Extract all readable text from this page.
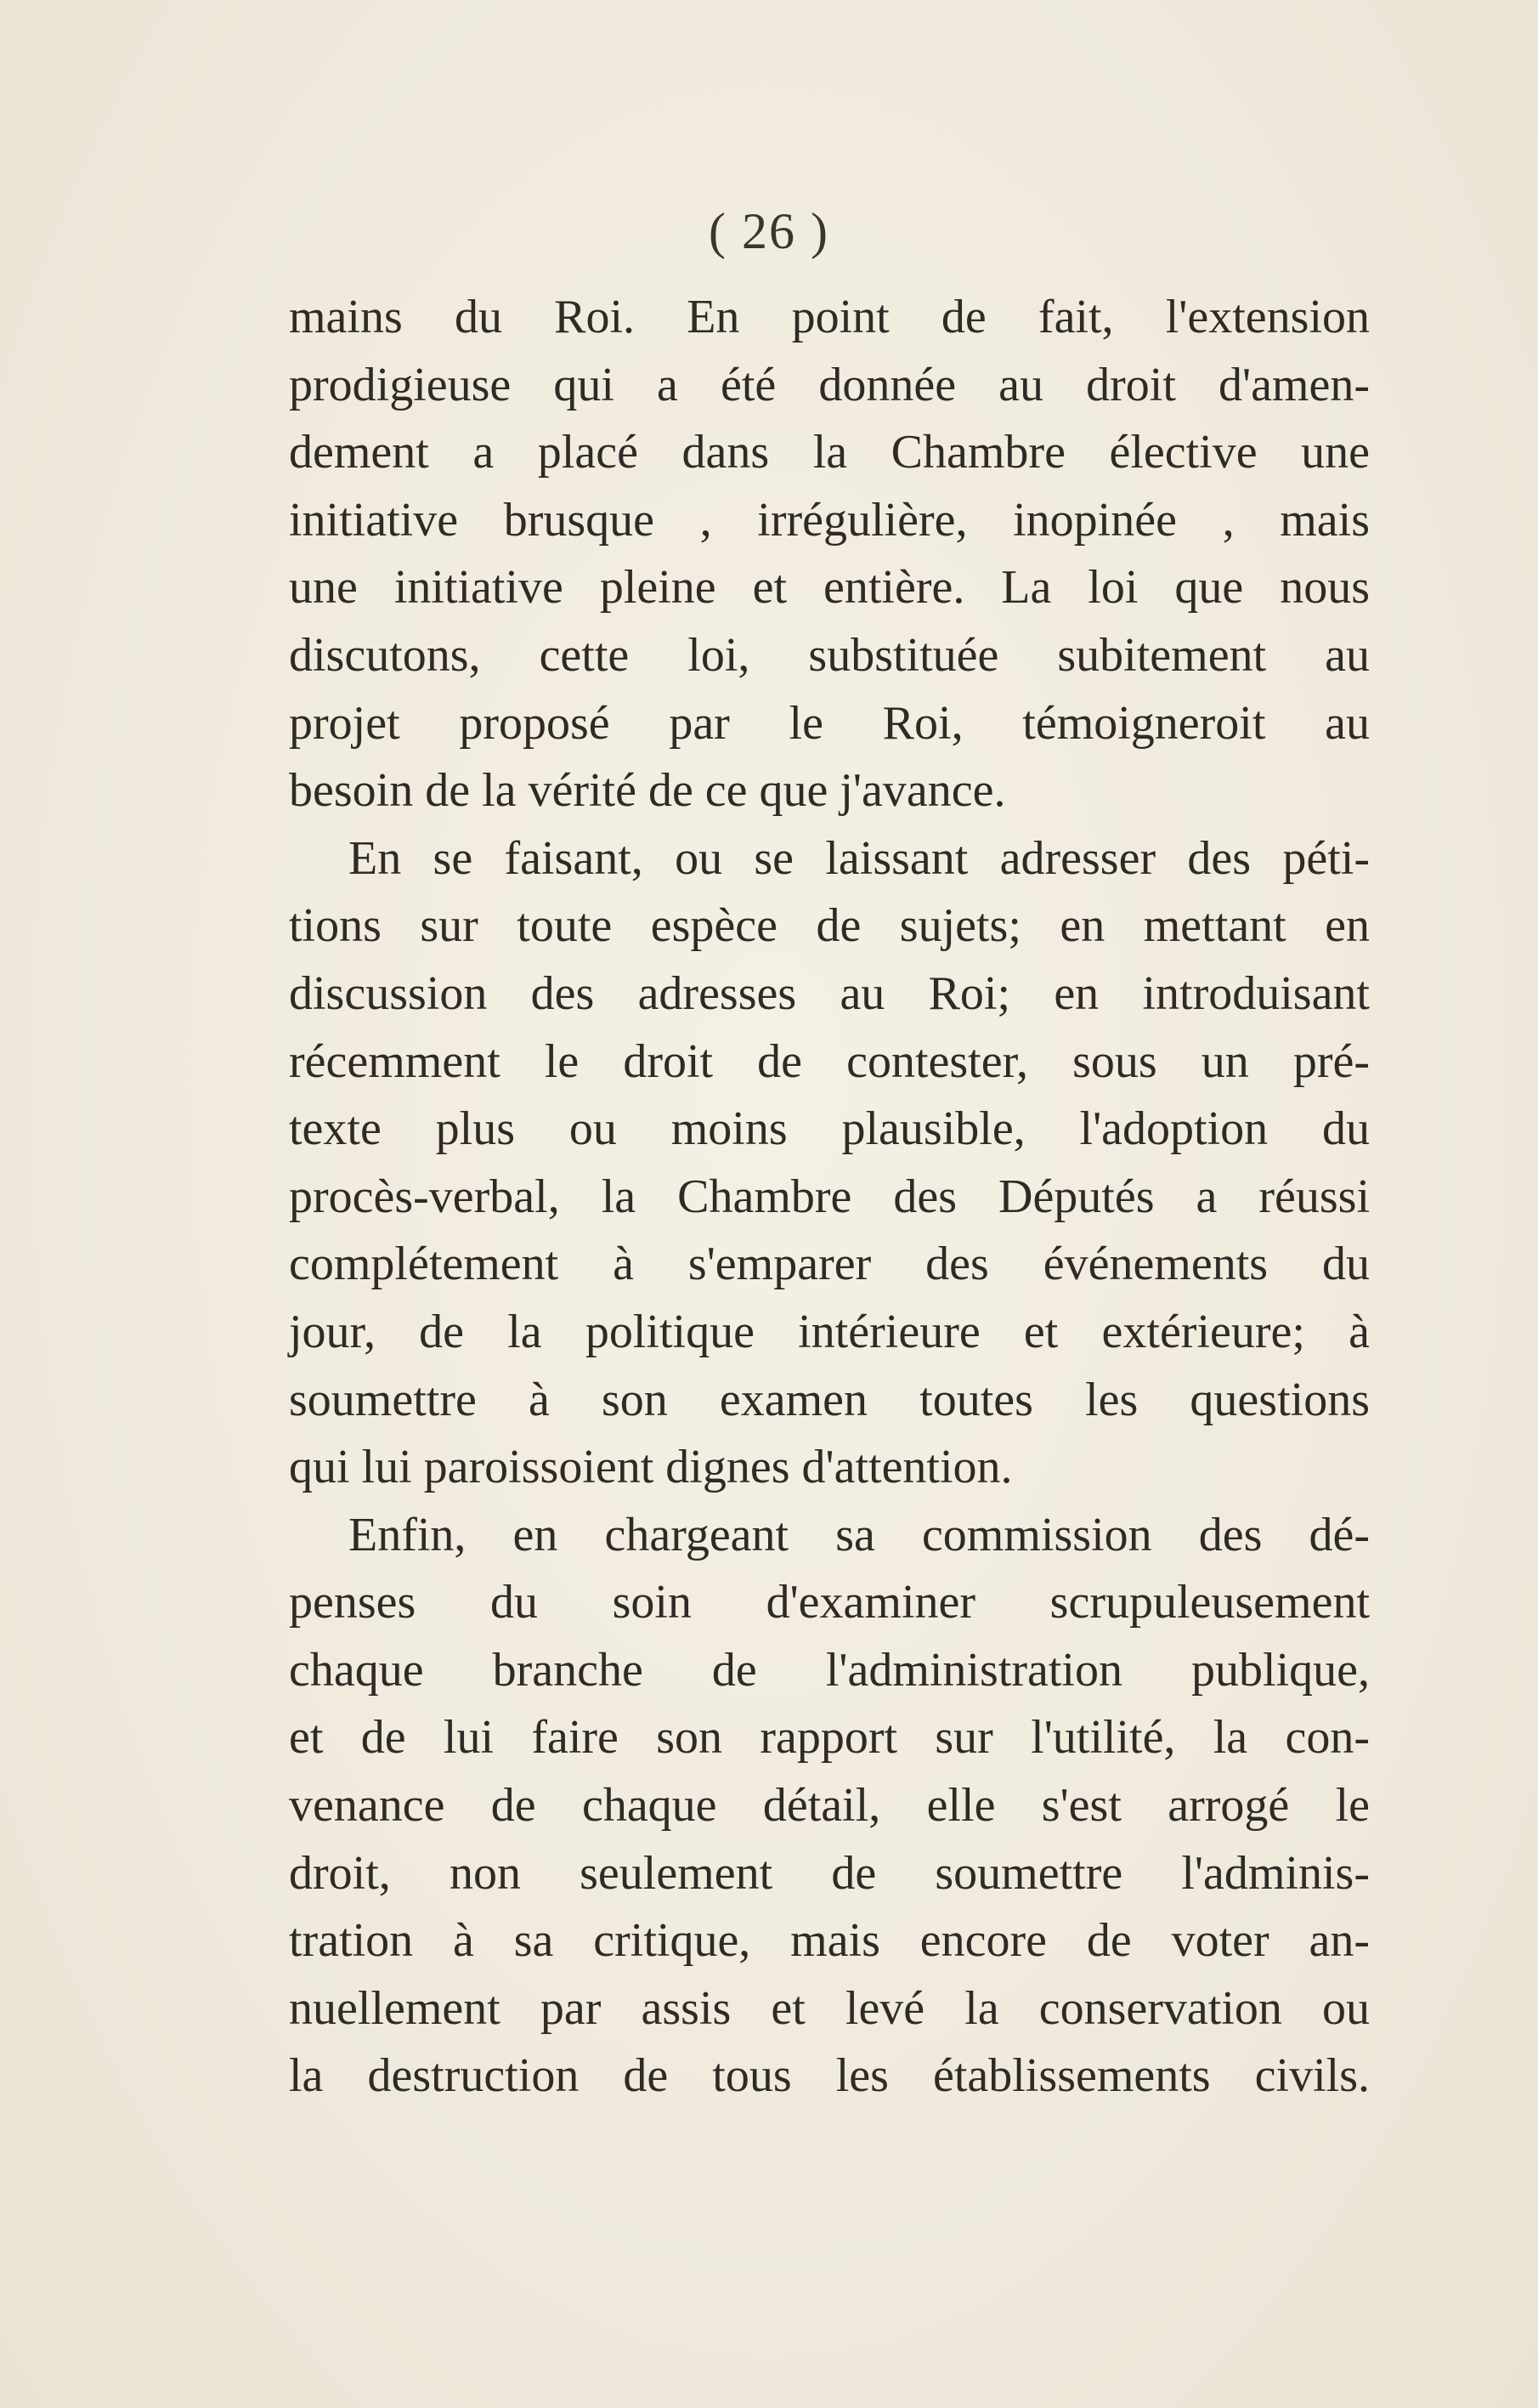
( 26 )
mains du Roi. En point de fait, l'extension
prodigieuse qui a été donnée au droit d'amen-
dement a placé dans la Chambre élective une
initiative brusque , irrégulière, inopinée , mais
une initiative pleine et entière. La loi que nous
discutons, cette loi, substituée subitement au
projet proposé par le Roi, témoigneroit au
besoin de la vérité de ce que j'avance.
En se faisant, ou se laissant adresser des péti-
tions sur toute espèce de sujets; en mettant en
discussion des adresses au Roi; en introduisant
récemment le droit de contester, sous un pré-
texte plus ou moins plausible, l'adoption du
procès-verbal, la Chambre des Députés a réussi
complétement à s'emparer des événements du
jour, de la politique intérieure et extérieure; à
soumettre à son examen toutes les questions
qui lui paroissoient dignes d'attention.
Enfin, en chargeant sa commission des dé-
penses du soin d'examiner scrupuleusement
chaque branche de l'administration publique,
et de lui faire son rapport sur l'utilité, la con-
venance de chaque détail, elle s'est arrogé le
droit, non seulement de soumettre l'adminis-
tration à sa critique, mais encore de voter an-
nuellement par assis et levé la conservation ou
la destruction de tous les établissements civils.
